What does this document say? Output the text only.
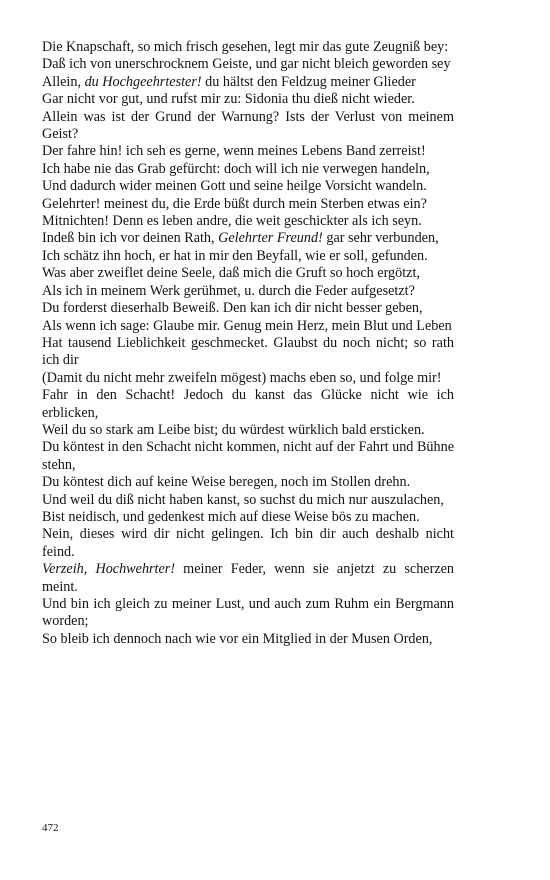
Die Knapschaft, so mich frisch gesehen, legt mir das gute Zeugniß bey:

Daß ich von unerschrocknem Geiste, und gar nicht bleich geworden sey

Allein, du Hochgeehrtester! du hältst den Feldzug meiner Glieder

Gar nicht vor gut, und rufst mir zu: Sidonia thu dieß nicht wieder.

Allein was ist der Grund der Warnung? Ists der Verlust von meinem Geist?

Der fahre hin! ich seh es gerne, wenn meines Lebens Band zerreist!

Ich habe nie das Grab gefürcht: doch will ich nie verwegen handeln,

Und dadurch wider meinen Gott und seine heilge Vorsicht wandeln.

Gelehrter! meinest du, die Erde büßt durch mein Sterben etwas ein?

Mitnichten! Denn es leben andre, die weit geschickter als ich seyn.

Indeß bin ich vor deinen Rath, Gelehrter Freund! gar sehr verbunden,

Ich schätz ihn hoch, er hat in mir den Beyfall, wie er soll, gefunden.

Was aber zweiflet deine Seele, daß mich die Gruft so hoch ergötzt,

Als ich in meinem Werk gerühmet, u. durch die Feder aufgesetzt?

Du forderst dieserhalb Beweiß. Den kan ich dir nicht besser geben,

Als wenn ich sage: Glaube mir. Genug mein Herz, mein Blut und Leben

Hat tausend Lieblichkeit geschmecket. Glaubst du noch nicht; so rath ich dir

(Damit du nicht mehr zweifeln mögest) machs eben so, und folge mir!

Fahr in den Schacht! Jedoch du kanst das Glücke nicht wie ich erblicken,

Weil du so stark am Leibe bist; du würdest würklich bald ersticken.

Du köntest in den Schacht nicht kommen, nicht auf der Fahrt und Bühne stehn,

Du köntest dich auf keine Weise beregen, noch im Stollen drehn.

Und weil du diß nicht haben kanst, so suchst du mich nur auszulachen,

Bist neidisch, und gedenkest mich auf diese Weise bös zu machen.

Nein, dieses wird dir nicht gelingen. Ich bin dir auch deshalb nicht feind.

Verzeih, Hochwehrter! meiner Feder, wenn sie anjetzt zu scherzen meint.

Und bin ich gleich zu meiner Lust, und auch zum Ruhm ein Bergmann worden;

So bleib ich dennoch nach wie vor ein Mitglied in der Musen Orden,

472
